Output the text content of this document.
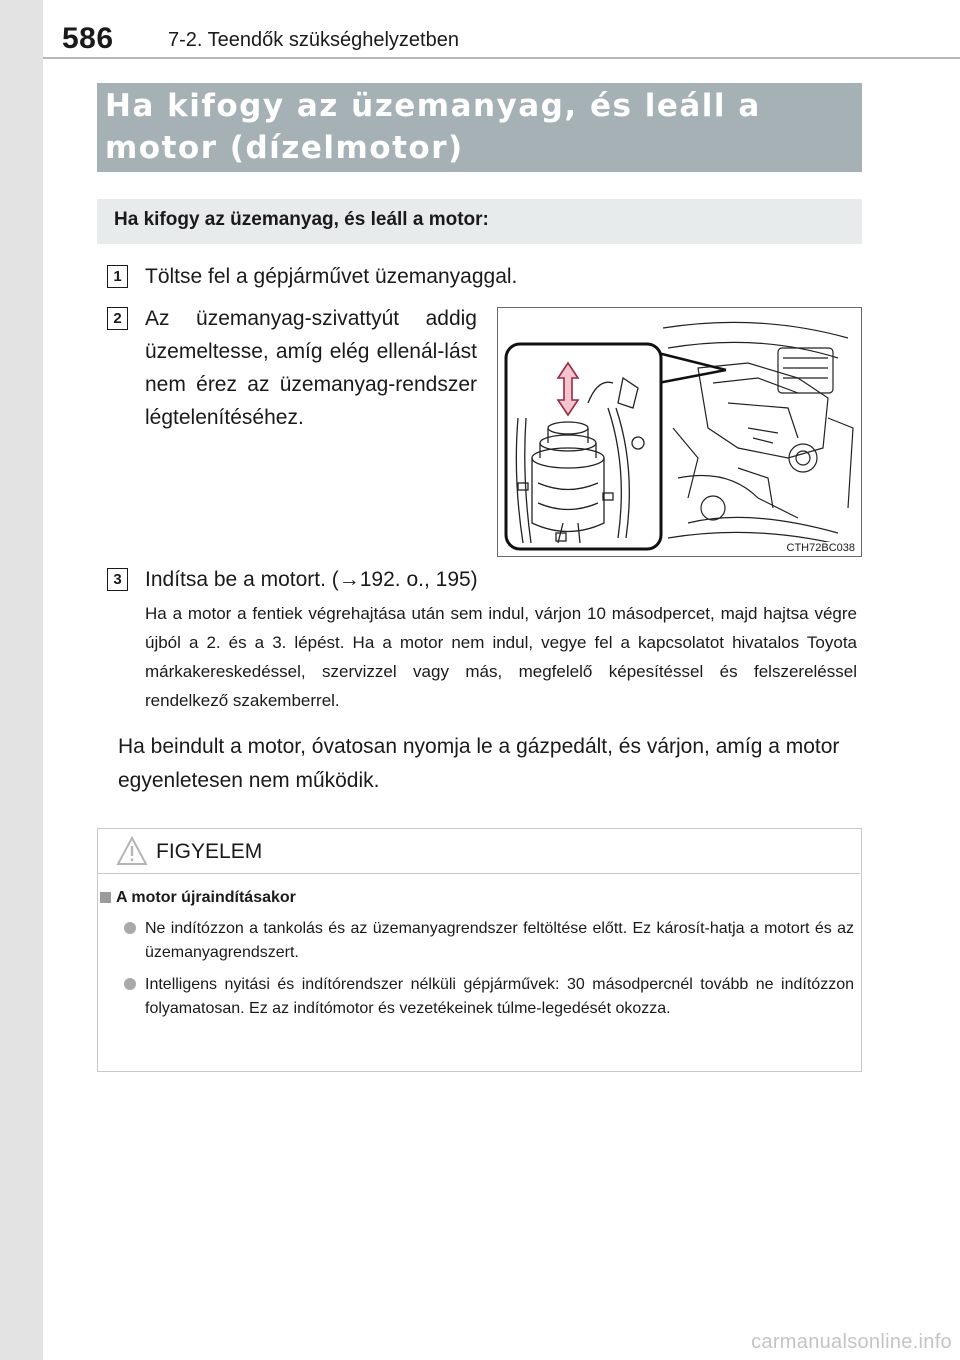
586	7-2. Teendők szükséghelyzetben
Ha kifogy az üzemanyag, és leáll a motor (dízelmotor)
Ha kifogy az üzemanyag, és leáll a motor:
1	Töltse fel a gépjárművet üzemanyaggal.
2	Az üzemanyag-szivattyút addig üzemeltesse, amíg elég ellenál-lást nem érez az üzemanyag-rendszer légtelenítéséhez.
CTH72BC038
3	Indítsa be a motort. (→192. o., 195)
Ha a motor a fentiek végrehajtása után sem indul, várjon 10 másodpercet, majd hajtsa végre újból a 2. és a 3. lépést. Ha a motor nem indul, vegye fel a kapcsolatot hivatalos Toyota márkakereskedéssel, szervizzel vagy más, megfelelő képesítéssel és felszereléssel rendelkező szakemberrel.
Ha beindult a motor, óvatosan nyomja le a gázpedált, és várjon, amíg a motor egyenletesen nem működik.
FIGYELEM
A motor újraindításakor
Ne indítózzon a tankolás és az üzemanyagrendszer feltöltése előtt. Ez károsít-hatja a motort és az üzemanyagrendszert.
Intelligens nyitási és indítórendszer nélküli gépjárművek: 30 másodpercnél tovább ne indítózzon folyamatosan. Ez az indítómotor és vezetékeinek túlme-legedését okozza.
carmanualsonline.info
